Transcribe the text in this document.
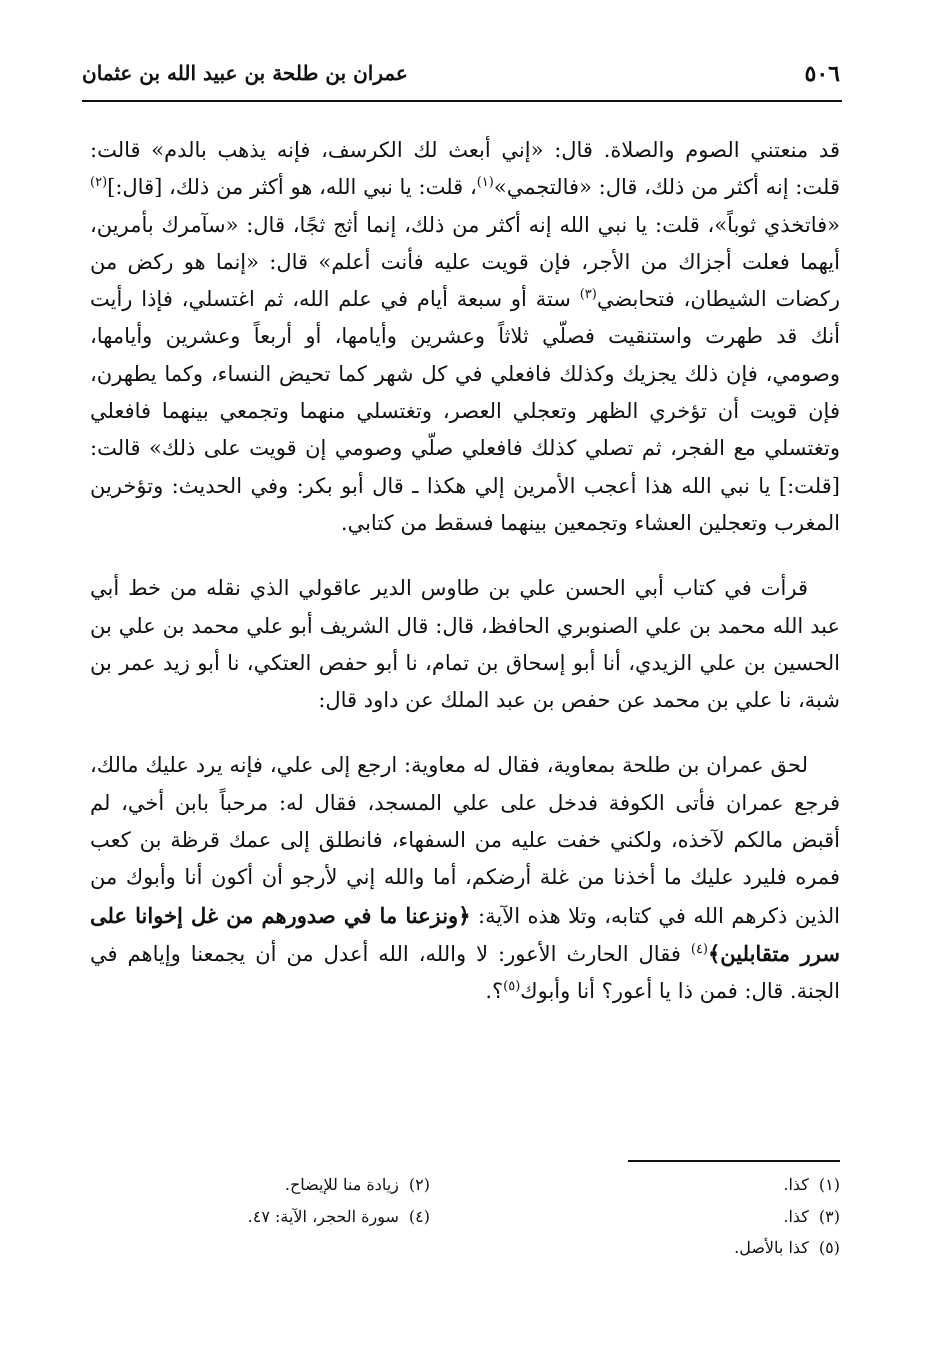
٥٠٦
عمران بن طلحة بن عبيد الله بن عثمان

قد منعتني الصوم والصلاة. قال: «إني أبعث لك الكرسف، فإنه يذهب بالدم» قالت: قلت: إنه أكثر من ذلك، قال: «فالتجمي»$^{(١)}$، قلت: يا نبي الله، هو أكثر من ذلك، [قال:]$^{(٢)}$ «فاتخذي ثوباً»، قلت: يا نبي الله إنه أكثر من ذلك، إنما أثج ثجًا، قال: «سآمرك بأمرين، أيهما فعلت أجزاك من الأجر، فإن قويت عليه فأنت أعلم» قال: «إنما هو ركض من ركضات الشيطان، فتحابضي$^{(٣)}$ ستة أو سبعة أيام في علم الله، ثم اغتسلي، فإذا رأيت أنك قد طهرت واستنقيت فصلّي ثلاثاً وعشرين وأيامها، أو أربعاً وعشرين وأيامها، وصومي، فإن ذلك يجزيك وكذلك فافعلي في كل شهر كما تحيض النساء، وكما يطهرن، فإن قويت أن تؤخري الظهر وتعجلي العصر، وتغتسلي منهما وتجمعي بينهما فافعلي وتغتسلي مع الفجر، ثم تصلي كذلك فافعلي صلّي وصومي إن قويت على ذلك» قالت: [قلت:] يا نبي الله هذا أعجب الأمرين إلي هكذا ـ قال أبو بكر: وفي الحديث: وتؤخرين المغرب وتعجلين العشاء وتجمعين بينهما فسقط من كتابي.

قرأت في كتاب أبي الحسن علي بن طاوس الدير عاقولي الذي نقله من خط أبي عبد الله محمد بن علي الصنوبري الحافظ، قال: قال الشريف أبو علي محمد بن علي بن الحسين بن علي الزيدي، أنا أبو إسحاق بن تمام، نا أبو حفص العتكي، نا أبو زيد عمر بن شبة، نا علي بن محمد عن حفص بن عبد الملك عن داود قال:

لحق عمران بن طلحة بمعاوية، فقال له معاوية: ارجع إلى علي، فإنه يرد عليك مالك، فرجع عمران فأتى الكوفة فدخل على علي المسجد، فقال له: مرحباً بابن أخي، لم أقبض مالكم لآخذه، ولكني خفت عليه من السفهاء، فانطلق إلى عمك قرظة بن كعب فمره فليرد عليك ما أخذنا من غلة أرضكم، أما والله إني لأرجو أن أكون أنا وأبوك من الذين ذكرهم الله في كتابه، وتلا هذه الآية: ﴿ونزعنا ما في صدورهم من غل إخوانا على سرر متقابلين﴾$^{(٤)}$ فقال الحارث الأعور: لا والله، الله أعدل من أن يجمعنا وإياهم في الجنة. قال: فمن ذا يا أعور؟ أنا وأبوك$^{(٥)}$؟.

(١)كذا.
(٢)زيادة منا للإيضاح.
(٣)كذا.
(٤)سورة الحجر، الآية: ٤٧.
(٥)كذا بالأصل.
